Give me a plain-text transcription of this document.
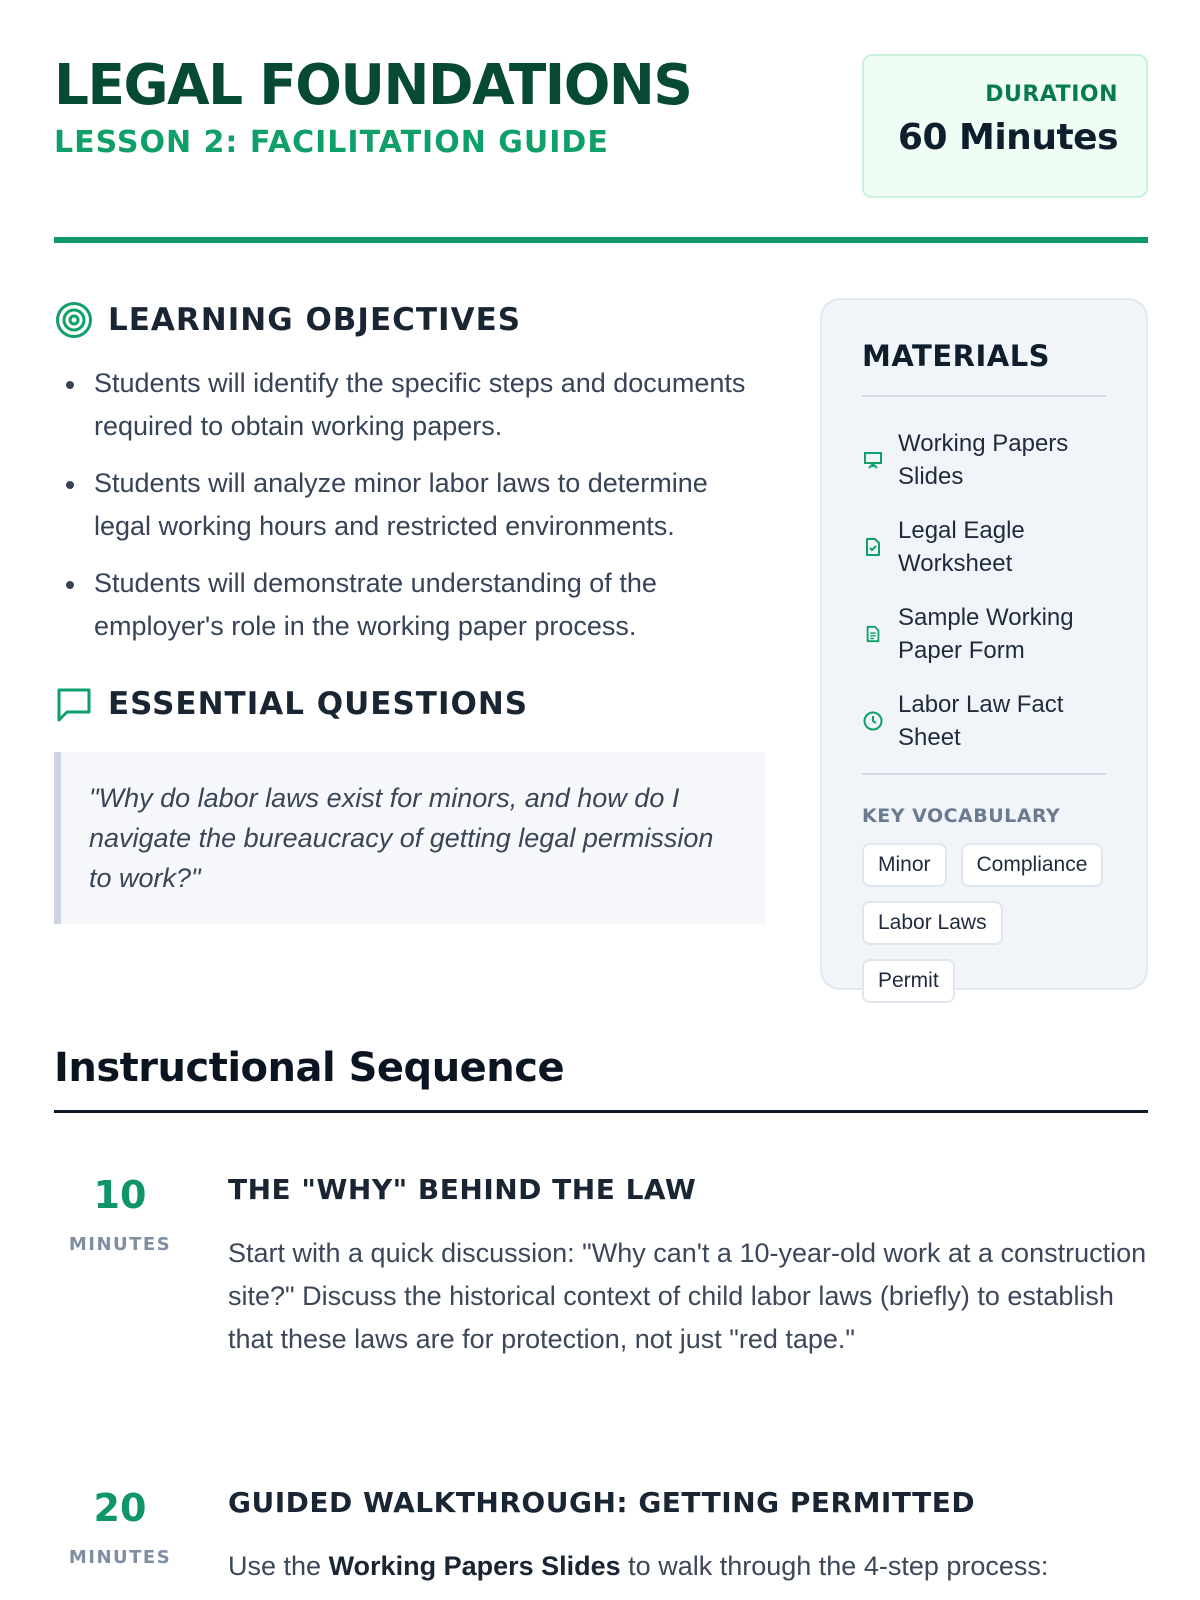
LEGAL FOUNDATIONS
LESSON 2: FACILITATION GUIDE
DURATION
60 Minutes
LEARNING OBJECTIVES
Students will identify the specific steps and documents required to obtain working papers.
Students will analyze minor labor laws to determine legal working hours and restricted environments.
Students will demonstrate understanding of the employer's role in the working paper process.
ESSENTIAL QUESTIONS
"Why do labor laws exist for minors, and how do I navigate the bureaucracy of getting legal permission to work?"
MATERIALS
Working Papers Slides
Legal Eagle Worksheet
Sample Working Paper Form
Labor Law Fact Sheet
KEY VOCABULARY
Minor	Compliance
Labor Laws
Permit
Instructional Sequence
10
MINUTES
THE "WHY" BEHIND THE LAW

Start with a quick discussion: "Why can't a 10-year-old work at a construction site?" Discuss the historical context of child labor laws (briefly) to establish that these laws are for protection, not just "red tape."

20
MINUTES
GUIDED WALKTHROUGH: GETTING PERMITTED

Use the Working Papers Slides to walk through the 4-step process:
